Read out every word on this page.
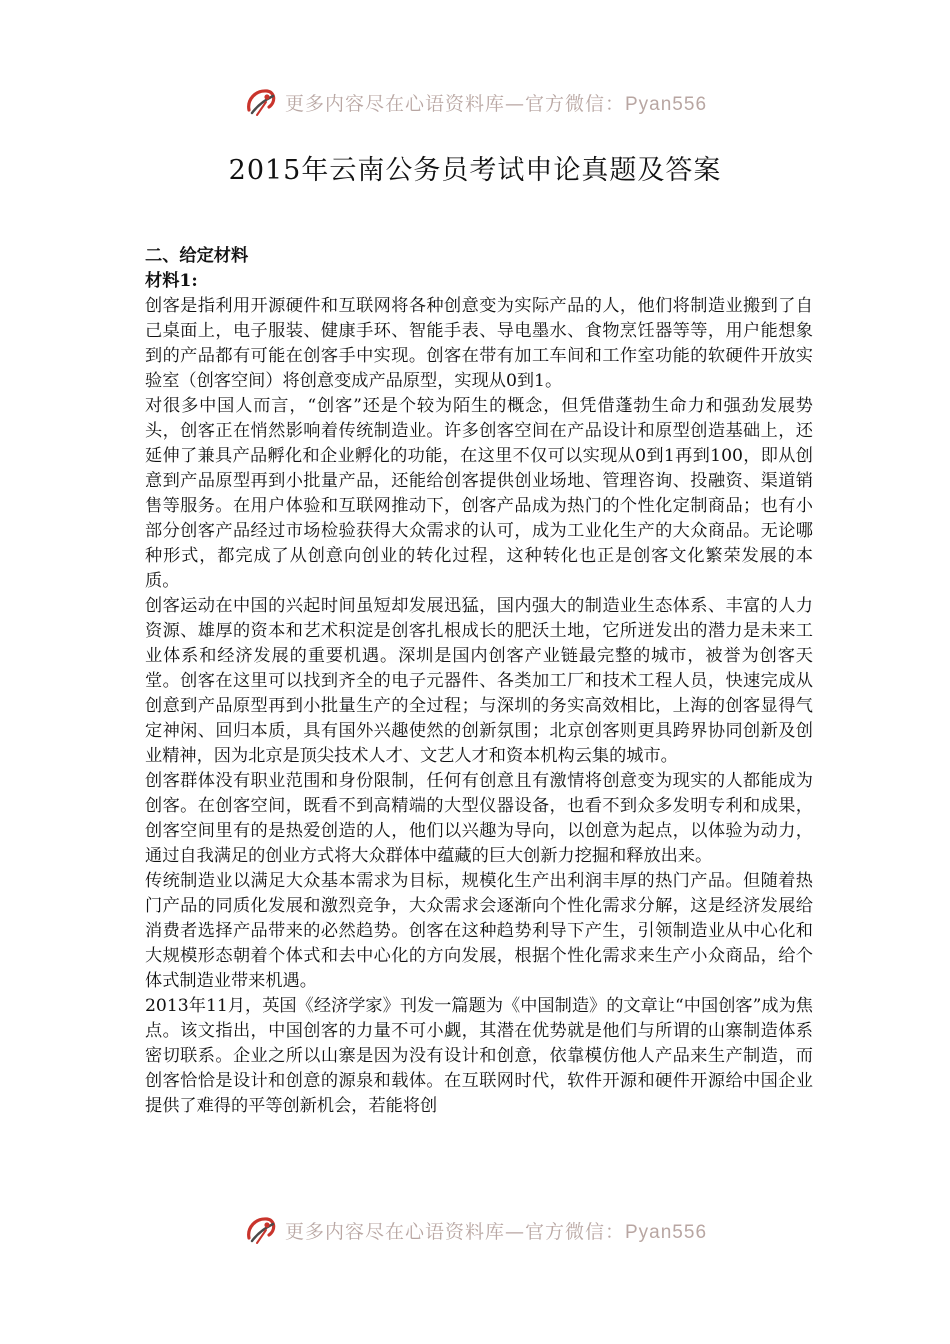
更多内容尽在心语资料库—官方微信：Pyan556
2015年云南公务员考试申论真题及答案
二、给定材料
材料1:

创客是指利用开源硬件和互联网将各种创意变为实际产品的人，他们将制造业搬到了自己桌面上，电子服装、健康手环、智能手表、导电墨水、食物烹饪器等等，用户能想象到的产品都有可能在创客手中实现。创客在带有加工车间和工作室功能的软硬件开放实验室（创客空间）将创意变成产品原型，实现从0到1。

对很多中国人而言，“创客”还是个较为陌生的概念，但凭借蓬勃生命力和强劲发展势头，创客正在悄然影响着传统制造业。许多创客空间在产品设计和原型创造基础上，还延伸了兼具产品孵化和企业孵化的功能，在这里不仅可以实现从0到1再到100，即从创意到产品原型再到小批量产品，还能给创客提供创业场地、管理咨询、投融资、渠道销售等服务。在用户体验和互联网推动下，创客产品成为热门的个性化定制商品；也有小部分创客产品经过市场检验获得大众需求的认可，成为工业化生产的大众商品。无论哪种形式，都完成了从创意向创业的转化过程，这种转化也正是创客文化繁荣发展的本质。

创客运动在中国的兴起时间虽短却发展迅猛，国内强大的制造业生态体系、丰富的人力资源、雄厚的资本和艺术积淀是创客扎根成长的肥沃土地，它所迸发出的潜力是未来工业体系和经济发展的重要机遇。深圳是国内创客产业链最完整的城市，被誉为创客天堂。创客在这里可以找到齐全的电子元器件、各类加工厂和技术工程人员，快速完成从创意到产品原型再到小批量生产的全过程；与深圳的务实高效相比，上海的创客显得气定神闲、回归本质，具有国外兴趣使然的创新氛围；北京创客则更具跨界协同创新及创业精神，因为北京是顶尖技术人才、文艺人才和资本机构云集的城市。

创客群体没有职业范围和身份限制，任何有创意且有激情将创意变为现实的人都能成为创客。在创客空间，既看不到高精端的大型仪器设备，也看不到众多发明专利和成果，创客空间里有的是热爱创造的人，他们以兴趣为导向，以创意为起点，以体验为动力，通过自我满足的创业方式将大众群体中蕴藏的巨大创新力挖掘和释放出来。

传统制造业以满足大众基本需求为目标，规模化生产出利润丰厚的热门产品。但随着热门产品的同质化发展和激烈竞争，大众需求会逐渐向个性化需求分解，这是经济发展给消费者选择产品带来的必然趋势。创客在这种趋势利导下产生，引领制造业从中心化和大规模形态朝着个体式和去中心化的方向发展，根据个性化需求来生产小众商品，给个体式制造业带来机遇。

2013年11月，英国《经济学家》刊发一篇题为《中国制造》的文章让“中国创客”成为焦点。该文指出，中国创客的力量不可小觑，其潜在优势就是他们与所谓的山寨制造体系密切联系。企业之所以山寨是因为没有设计和创意，依靠模仿他人产品来生产制造，而创客恰恰是设计和创意的源泉和载体。在互联网时代，软件开源和硬件开源给中国企业提供了难得的平等创新机会，若能将创

更多内容尽在心语资料库—官方微信：Pyan556
